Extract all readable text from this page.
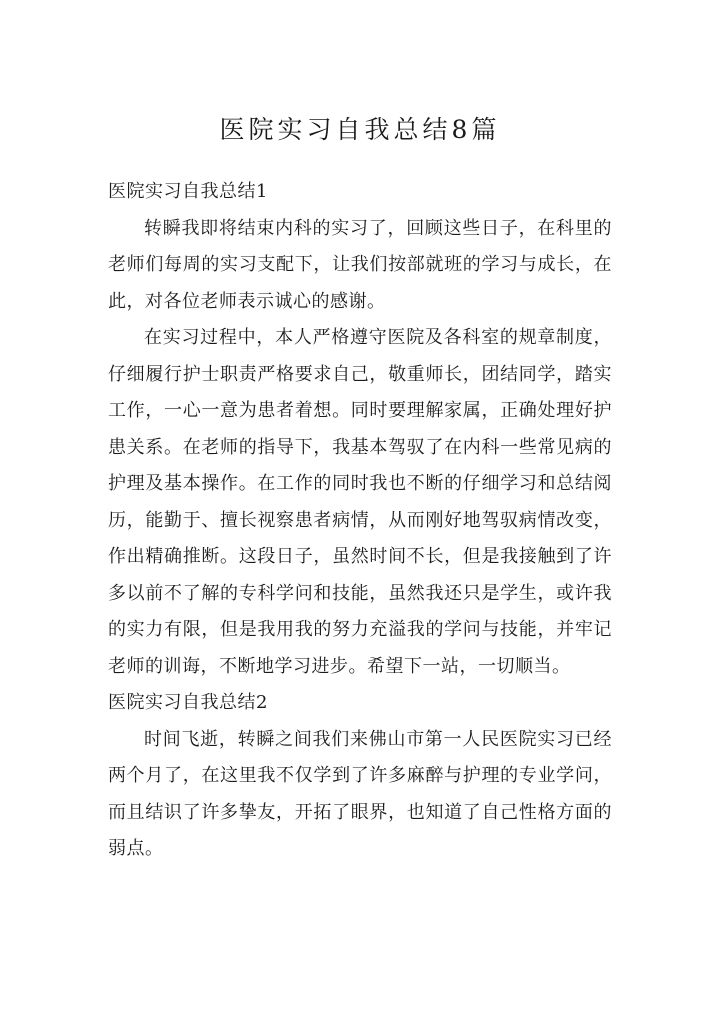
医院实习自我总结8篇
医院实习自我总结1

转瞬我即将结束内科的实习了，回顾这些日子，在科里的老师们每周的实习支配下，让我们按部就班的学习与成长，在此，对各位老师表示诚心的感谢。

在实习过程中，本人严格遵守医院及各科室的规章制度，仔细履行护士职责严格要求自己，敬重师长，团结同学，踏实工作，一心一意为患者着想。同时要理解家属，正确处理好护患关系。在老师的指导下，我基本驾驭了在内科一些常见病的护理及基本操作。在工作的同时我也不断的仔细学习和总结阅历，能勤于、擅长视察患者病情，从而刚好地驾驭病情改变，作出精确推断。这段日子，虽然时间不长，但是我接触到了许多以前不了解的专科学问和技能，虽然我还只是学生，或许我的实力有限，但是我用我的努力充溢我的学问与技能，并牢记老师的训诲，不断地学习进步。希望下一站，一切顺当。

医院实习自我总结2

时间飞逝，转瞬之间我们来佛山市第一人民医院实习已经两个月了，在这里我不仅学到了许多麻醉与护理的专业学问，而且结识了许多挚友，开拓了眼界，也知道了自己性格方面的弱点。
